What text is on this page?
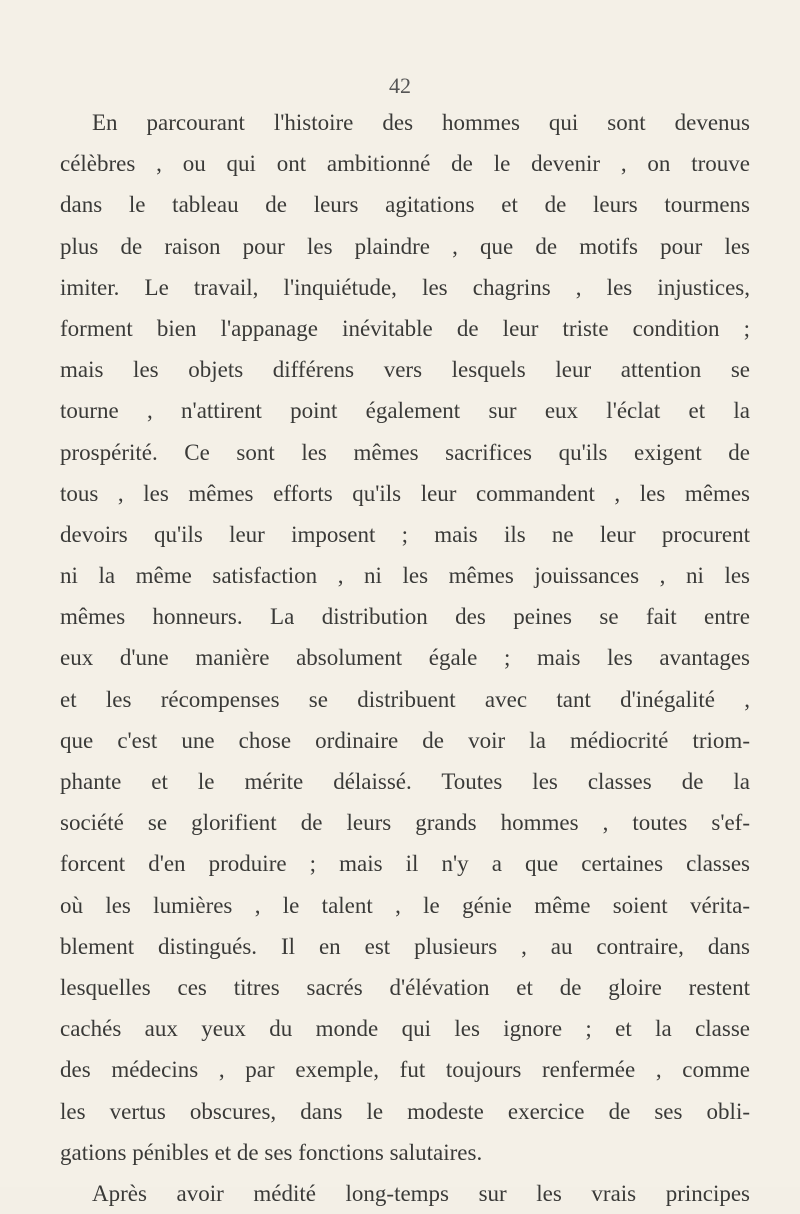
42
En parcourant l'histoire des hommes qui sont devenus
célèbres , ou qui ont ambitionné de le devenir , on trouve
dans le tableau de leurs agitations et de leurs tourmens
plus de raison pour les plaindre , que de motifs pour les
imiter. Le travail, l'inquiétude, les chagrins , les injustices,
forment bien l'appanage inévitable de leur triste condition ;
mais les objets différens vers lesquels leur attention se
tourne , n'attirent point également sur eux l'éclat et la
prospérité. Ce sont les mêmes sacrifices qu'ils exigent de
tous , les mêmes efforts qu'ils leur commandent , les mêmes
devoirs qu'ils leur imposent ; mais ils ne leur procurent
ni la même satisfaction , ni les mêmes jouissances , ni les
mêmes honneurs. La distribution des peines se fait entre
eux d'une manière absolument égale ; mais les avantages
et les récompenses se distribuent avec tant d'inégalité ,
que c'est une chose ordinaire de voir la médiocrité triom-
phante et le mérite délaissé. Toutes les classes de la
société se glorifient de leurs grands hommes , toutes s'ef-
forcent d'en produire ; mais il n'y a que certaines classes
où les lumières , le talent , le génie même soient vérita-
blement distingués. Il en est plusieurs , au contraire, dans
lesquelles ces titres sacrés d'élévation et de gloire restent
cachés aux yeux du monde qui les ignore ; et la classe
des médecins , par exemple, fut toujours renfermée , comme
les vertus obscures, dans le modeste exercice de ses obli-
gations pénibles et de ses fonctions salutaires.
Après avoir médité long-temps sur les vrais principes
